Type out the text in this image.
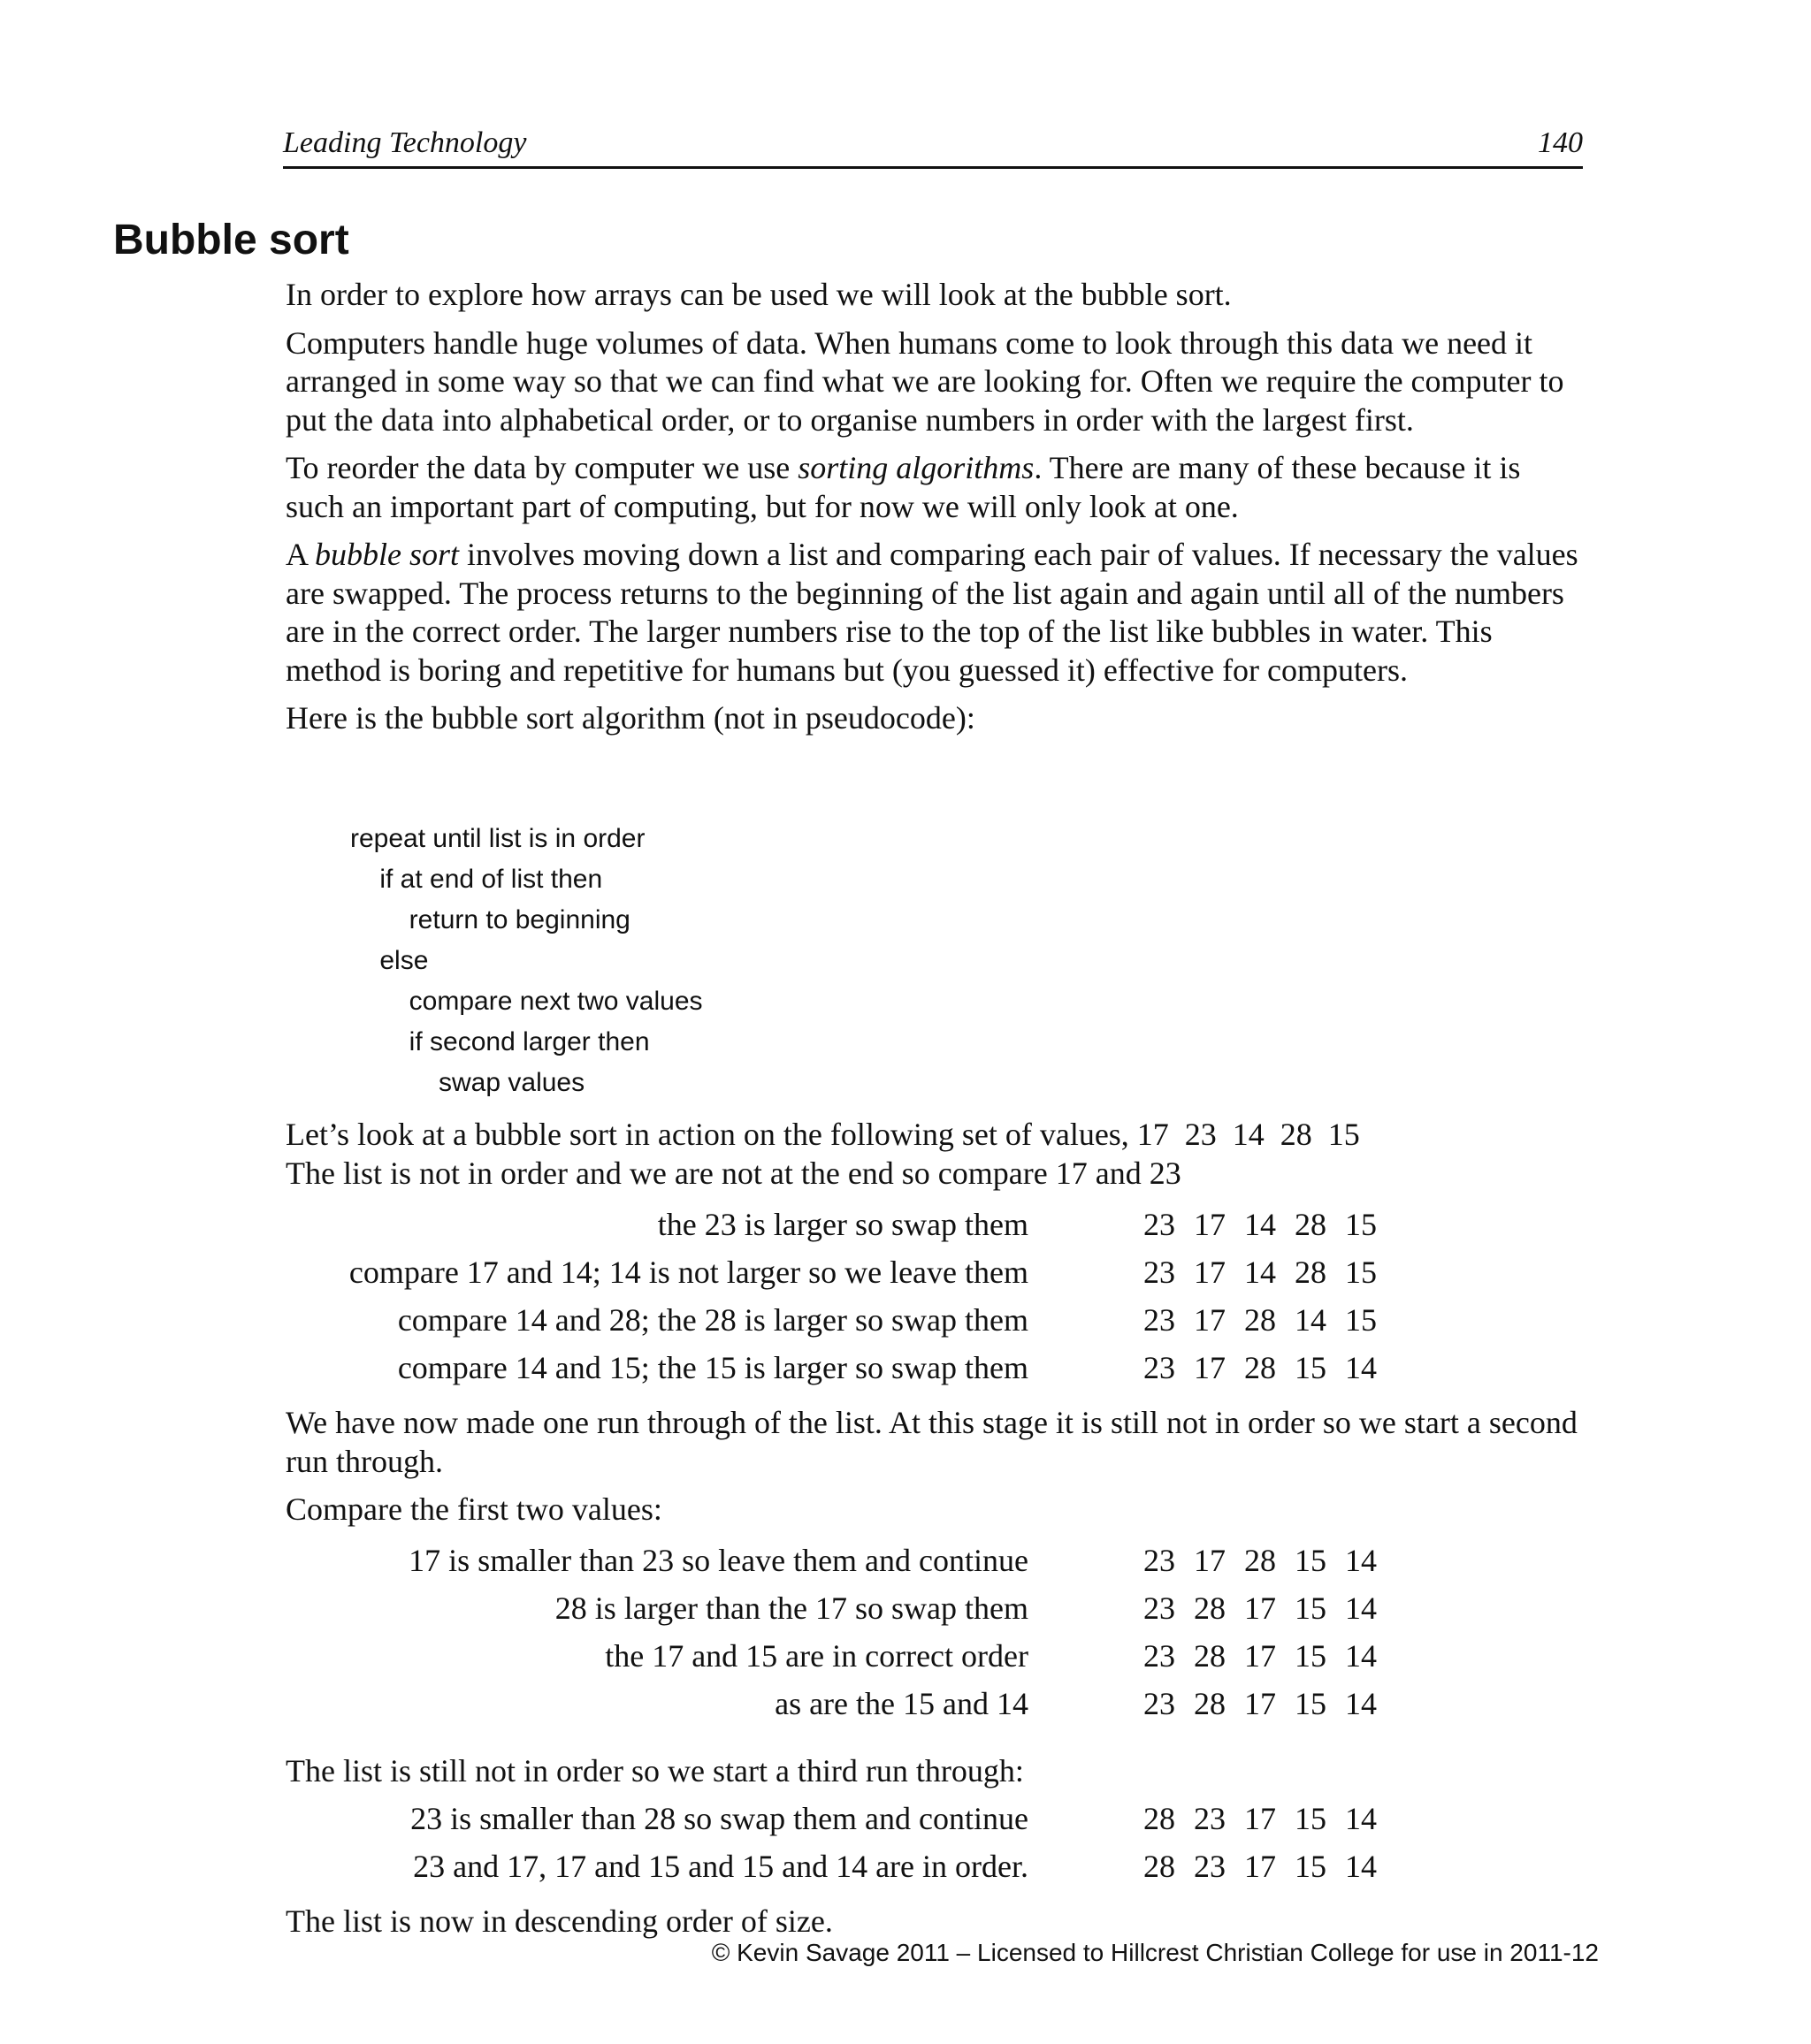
Leading Technology	140
Bubble sort

In order to explore how arrays can be used we will look at the bubble sort.

Computers handle huge volumes of data. When humans come to look through this data we need it arranged in some way so that we can find what we are looking for. Often we require the computer to put the data into alphabetical order, or to organise numbers in order with the largest first.

To reorder the data by computer we use sorting algorithms. There are many of these because it is such an important part of computing, but for now we will only look at one.

A bubble sort involves moving down a list and comparing each pair of values. If necessary the values are swapped. The process returns to the beginning of the list again and again until all of the numbers are in the correct order. The larger numbers rise to the top of the list like bubbles in water. This method is boring and repetitive for humans but (you guessed it) effective for computers.

Here is the bubble sort algorithm (not in pseudocode):

repeat until list is in order
if at end of list then
return to beginning
else
compare next two values
if second larger then
swap values

Let’s look at a bubble sort in action on the following set of values, 17  23  14  28  15

The list is not in order and we are not at the end so compare 17 and 23

the 23 is larger so swap them	23 17 14 28 15
compare 17 and 14; 14 is not larger so we leave them	23 17 14 28 15
compare 14 and 28; the 28 is larger so swap them	23 17 28 14 15
compare 14 and 15; the 15 is larger so swap them	23 17 28 15 14

We have now made one run through of the list. At this stage it is still not in order so we start a second run through.

Compare the first two values:

17 is smaller than 23 so leave them and continue	23 17 28 15 14
28 is larger than the 17 so swap them	23 28 17 15 14
the 17 and 15 are in correct order	23 28 17 15 14
as are the 15 and 14	23 28 17 15 14

The list is still not in order so we start a third run through:

23 is smaller than 28 so swap them and continue	28 23 17 15 14
23 and 17, 17 and 15 and 15 and 14 are in order.	28 23 17 15 14

The list is now in descending order of size.

© Kevin Savage 2011 – Licensed to Hillcrest Christian College for use in 2011-12
